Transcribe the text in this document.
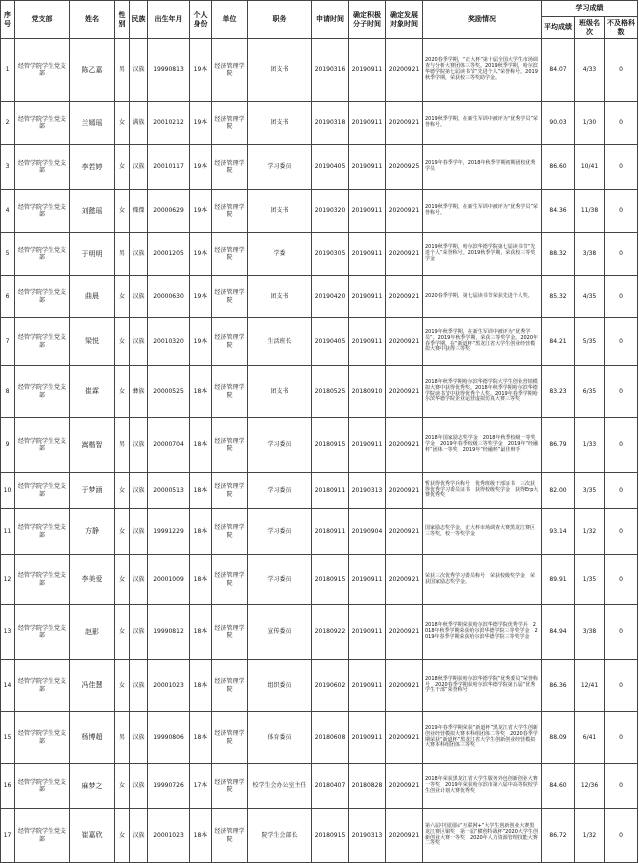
序号	党支部	姓名	性别	民族	出生年月	个人身份	单位	职务	申请时间	确定积极分子时间	确定发展对象时间	奖励情况	学习成绩		
													平均成绩	班级名次	不及格科数
1	经管学院学生党支部	陈乙嘉	男	汉族	19990813	19本	经济管理学院	团支书	20190316	20190911	20200921	2020春季学期，“正大杯”第十届全国大学生市场调查与分析大赛团体三等奖。2019秋季学期，哈尔滨华德学院第七届读书节“先进个人”荣誉称号。2019秋季学期，荣获校三等奖助学金。	84.07	4/33	0
2	经管学院学生党支部	兰嫣瑶	女	满族	20010212	19本	经济管理学院	团支书	20190318	20190911	20200921	2019秋季学期，在新生军训中被评为“优秀学员”荣誉称号。	90.03	1/30	0
3	经管学院学生党支部	李若婷	女	汉族	20010117	19本	经济管理学院	学习委员	20190405	20190911	20200925	2019年春季学年，2018年秋季学期初期团校优秀学员	86.60	10/41	0
4	经管学院学生党支部	刘懿瑶	女	傈僳	20000629	19本	经济管理学院	团支书	20190320	20190911	20200921	2019秋季学期，在新生军训中被评为“优秀学员”荣誉称号。	84.36	11/38	0
5	经管学院学生党支部	于明明	男	汉族	20001205	19本	经济管理学院	学委	20190305	20190911	20200921	2019秋季学期，哈尔滨华德学院第七届读书节“先进个人”荣誉称号。2019秋季学期，荣获校三等奖学金	88.32	3/38	0
6	经管学院学生党支部	曲晨	女	汉族	20000630	19本	经济管理学院	团支书	20190420	20190911	20200921	2020春季学期，第七届读书节荣获先进个人奖。	85.32	4/35	0
7	经管学院学生党支部	梁悦	女	汉族	20010320	19本	经济管理学院	生活班长	20190405	20190911	20200921	2019年秋季学期，在新生军训中被评为“优秀学员”。2019年秋季学期，荣获三等奖学金。2020年春季学期，在“新道杯”黑龙江省大学生创业经营模拟大赛中获得三等奖	84.21	5/35	0
8	经管学院学生党支部	崔霖	女	彝族	20000525	18本	经济管理学院	团支书	20180525	20180910	20200921	2018年秋季学期哈尔滨华德学院大学生创业营销模拟大赛中获得优秀奖。2018年秋季学期哈尔滨华德学院读书节中获得优秀个人奖。2019年春季学期哈尔滨华德学院企业运营虚拟仿真大赛三等奖	83.23	6/35	0
9	经管学院学生党支部	嵩楷智	男	汉族	20000704	18本	经济管理学院	学习委员	20180915	20190911	20200921	2018年国家励志奖学金　2018年秋季校级一等奖学金　2019年春季校级三等奖学金　2019年“经融杯”团体一等奖　2019年“经融杯”最佳辩手	86.79	1/33	0
10	经管学院学生党支部	于梦涵	女	汉族	20000513	18本	经济管理学院	学习委员	20180911	20190313	20200921	暂获得优秀学兵称号　优秀班级干部证书　三次获得优秀学习委员证书　获得校级奖学金　获得Erp大赛优秀奖	82.00	3/35	0
11	经管学院学生党支部	方静	女	汉族	19991229	18本	经济管理学院	学习委员	20180911	20190904	20200921	国家励志奖学金，正大杯市场调查大赛黑龙江赛区三等奖，校一等奖学金	93.14	1/32	0
12	经管学院学生党支部	李美爱	女	汉族	20001009	18本	经济管理学院	学习委员	20180915	20190911	20200921	荣获三次优秀学习委员称号　荣获校级奖学金　荣获国家励志奖学金。	89.91	1/35	0
13	经管学院学生党支部	赵影	女	汉族	19990812	18本	经济管理学院	宣传委员	20180922	20190911	20200921	2018年秋季学期荣获哈尔滨华德学院优秀学兵　2018年秋季学期荣获哈尔滨华德学院三等奖学金　2019年春季学期荣获哈尔滨华德学院三等奖学金	84.94	3/38	0
14	经管学院学生党支部	冯佳慧	女	汉族	20001023	18本	经济管理学院	组织委员	20190602	20190911	20200921	2018秋季学期获哈尔滨华德学院“优秀委员”荣誉称号　2020春季学期获哈尔滨华德学院第五届“优秀学生干部”荣誉称号	86.36	12/41	0
15	经管学院学生党支部	杨博超	男	汉族	19990806	18本	经济管理学院	体育委员	20180608	20190911	20200921	2019年春季学期荣获“新道杯”黑龙江省大学生创新创业经营模拟大赛本科组团体二等奖　2020春季学期荣获“新道杯”黑龙江省大学生创新创业经营模拟大赛本科组团体三等奖	88.09	6/41	0
16	经管学院学生党支部	麻梦之	女	汉族	19990726	17本	经济管理学院	校学生会办公室主任	20180407	20180828	20200921	2018年荣获黑龙江省大学生服务外包创新创业大赛一等奖　2019年荣获哈尔滨市第六届中高等院校学生创业计划大赛优秀奖	84.60	12/36	0
17	经管学院学生党支部	崔嘉欣	女	汉族	20001023	18本	经济管理学院	院学生会部长	20180915	20190313	20200921	第六届中国国际“互联网+”大学生创新创业大赛黑龙江赛区铜奖　第一届“横创特战杯”2020大学生创新创业大赛一等奖　2020年人力资源管理技能大赛二等奖	86.72	1/32	0
